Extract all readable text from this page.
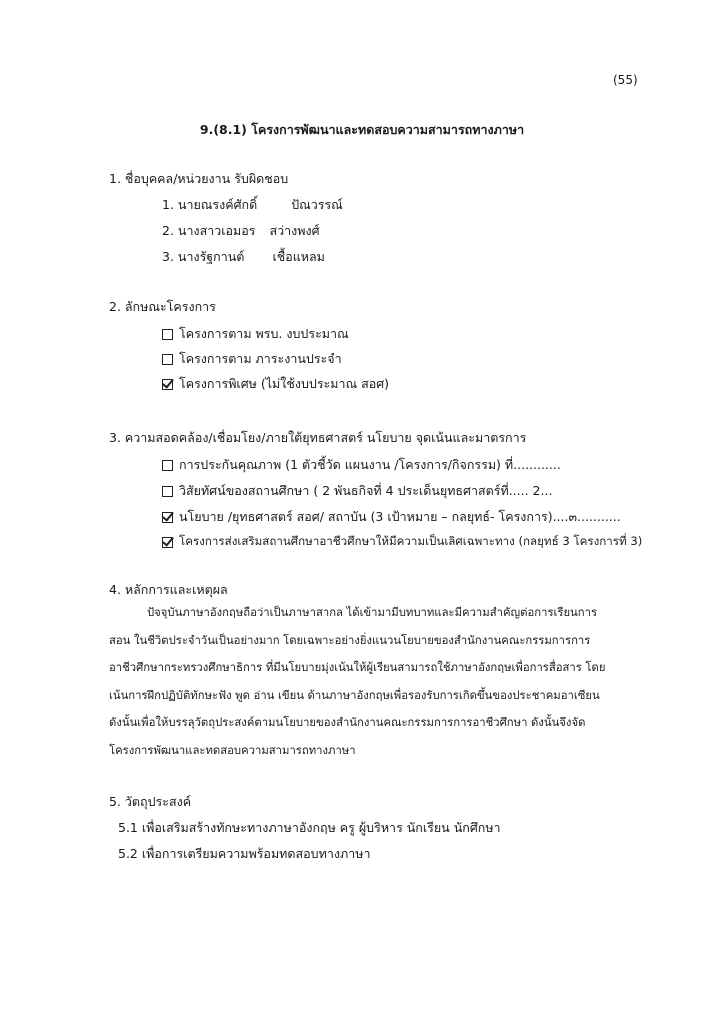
(55)
9.(8.1) โครงการพัฒนาและทดสอบความสามารถทางภาษา
1. ชื่อบุคคล/หน่วยงาน รับผิดชอบ
1. นายณรงค์ศักดิ์	ปัณวรรณ์
2. นางสาวเอมอร สว่างพงศ์
3. นางรัฐกานต์ เชื้อแหลม
2. ลักษณะโครงการ
โครงการตาม พรบ. งบประมาณ
โครงการตาม ภาระงานประจำ
โครงการพิเศษ (ไม่ใช้งบประมาณ สอศ)
3. ความสอดคล้อง/เชื่อมโยง/ภายใต้ยุทธศาสตร์ นโยบาย จุดเน้นและมาตรการ
การประกันคุณภาพ (1 ตัวชี้วัด แผนงาน /โครงการ/กิจกรรม) ที่............
วิสัยทัศน์ของสถานศึกษา ( 2 พันธกิจที่ 4 ประเด็นยุทธศาสตร์ที่..... 2...
นโยบาย /ยุทธศาสตร์ สอศ/ สถาบัน (3 เป้าหมาย – กลยุทธ์- โครงการ)....๓...........
โครงการส่งเสริมสถานศึกษาอาชีวศึกษาให้มีความเป็นเลิศเฉพาะทาง (กลยุทธ์ 3 โครงการที่ 3)
4. หลักการและเหตุผล
ปัจจุบันภาษาอังกฤษถือว่าเป็นภาษาสากล ได้เข้ามามีบทบาทและมีความสำคัญต่อการเรียนการ
สอน ในชีวิตประจำวันเป็นอย่างมาก โดยเฉพาะอย่างยิ่งแนวนโยบายของสำนักงานคณะกรรมการการ
อาชีวศึกษากระทรวงศึกษาธิการ ที่มีนโยบายมุ่งเน้นให้ผู้เรียนสามารถใช้ภาษาอังกฤษเพื่อการสื่อสาร โดย
เน้นการฝึกปฏิบัติทักษะฟัง พูด อ่าน เขียน ด้านภาษาอังกฤษเพื่อรองรับการเกิดขึ้นของประชาคมอาเซียน
ดังนั้นเพื่อให้บรรลุวัตถุประสงค์ตามนโยบายของสำนักงานคณะกรรมการการอาชีวศึกษา ดังนั้นจึงจัด
โครงการพัฒนาและทดสอบความสามารถทางภาษา
5. วัตถุประสงค์
5.1 เพื่อเสริมสร้างทักษะทางภาษาอังกฤษ ครู ผู้บริหาร นักเรียน นักศึกษา
5.2 เพื่อการเตรียมความพร้อมทดสอบทางภาษา
